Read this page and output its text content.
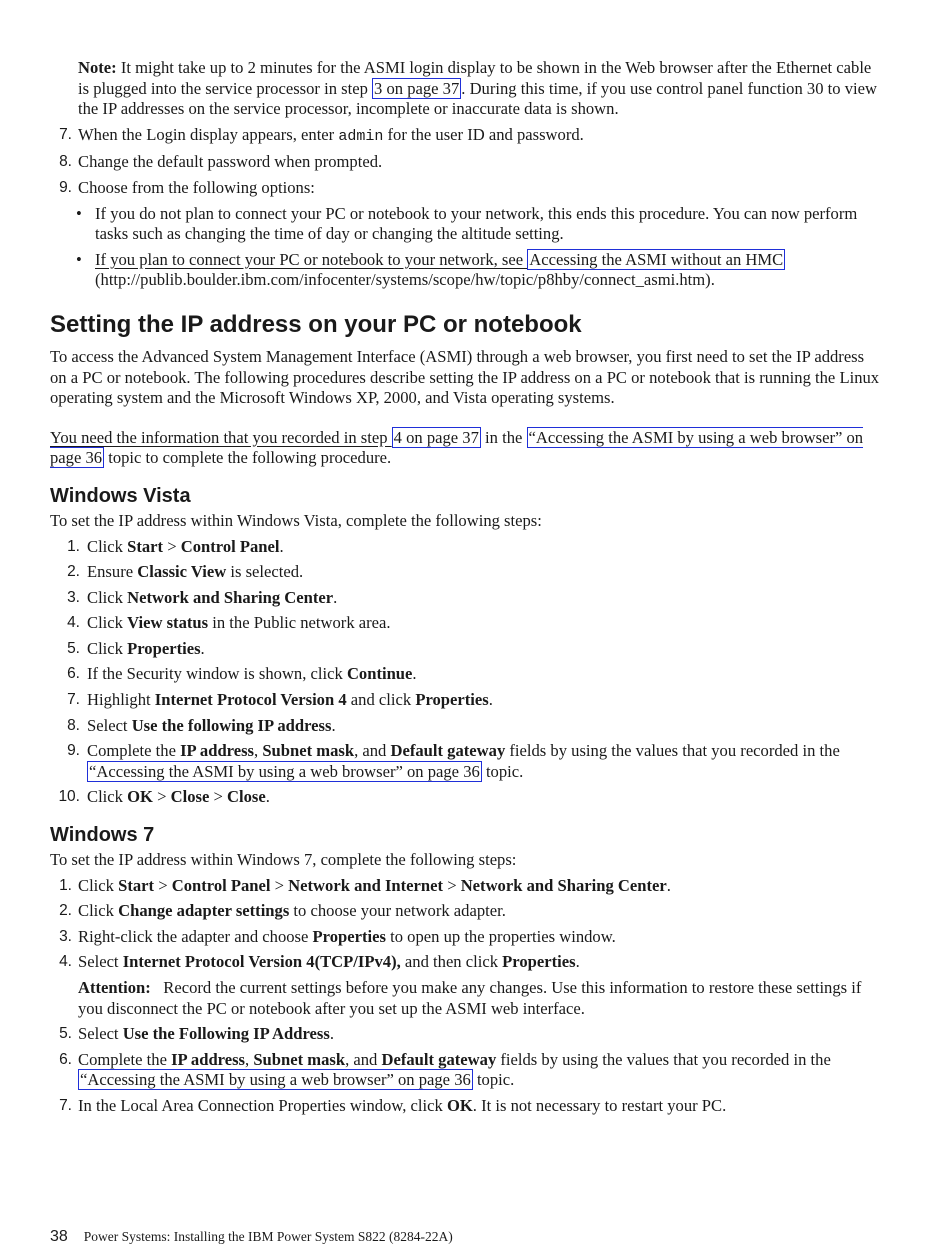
Note: It might take up to 2 minutes for the ASMI login display to be shown in the Web browser after the Ethernet cable is plugged into the service processor in step 3 on page 37 . During this time, if you use control panel function 30 to view the IP addresses on the service processor, incomplete or inaccurate data is shown.

7. When the Login display appears, enter admin for the user ID and password.
8. Change the default password when prompted.
9. Choose from the following options:
• If you do not plan to connect your PC or notebook to your network, this ends this procedure. You can now perform tasks such as changing the time of day or changing the altitude setting.
• If you plan to connect your PC or notebook to your network, see Accessing the ASMI without an HMC (http://publib.boulder.ibm.com/infocenter/systems/scope/hw/topic/p8hby/connect_asmi.htm).
Setting the IP address on your PC or notebook

To access the Advanced System Management Interface (ASMI) through a web browser, you first need to set the IP address on a PC or notebook. The following procedures describe setting the IP address on a PC or notebook that is running the Linux operating system and the Microsoft Windows XP, 2000, and Vista operating systems.

You need the information that you recorded in step 4 on page 37 in the “Accessing the ASMI by using a web browser” on page 36 topic to complete the following procedure.

Windows Vista

To set the IP address within Windows Vista, complete the following steps:

1. Click Start > Control Panel.
2. Ensure Classic View is selected.
3. Click Network and Sharing Center.
4. Click View status in the Public network area.
5. Click Properties.
6. If the Security window is shown, click Continue.
7. Highlight Internet Protocol Version 4 and click Properties.
8. Select Use the following IP address.
9. Complete the IP address, Subnet mask, and Default gateway fields by using the values that you recorded in the “Accessing the ASMI by using a web browser” on page 36 topic.
10. Click OK > Close > Close.
Windows 7

To set the IP address within Windows 7, complete the following steps:

1. Click Start > Control Panel > Network and Internet > Network and Sharing Center.
2. Click Change adapter settings to choose your network adapter.
3. Right-click the adapter and choose Properties to open up the properties window.
4. Select Internet Protocol Version 4(TCP/IPv4), and then click Properties.

Attention:   Record the current settings before you make any changes. Use this information to restore these settings if you disconnect the PC or notebook after you set up the ASMI web interface.

5. Select Use the Following IP Address.
6. Complete the IP address, Subnet mask, and Default gateway fields by using the values that you recorded in the “Accessing the ASMI by using a web browser” on page 36 topic.
7. In the Local Area Connection Properties window, click OK. It is not necessary to restart your PC.
38 Power Systems: Installing the IBM Power System S822 (8284-22A)
